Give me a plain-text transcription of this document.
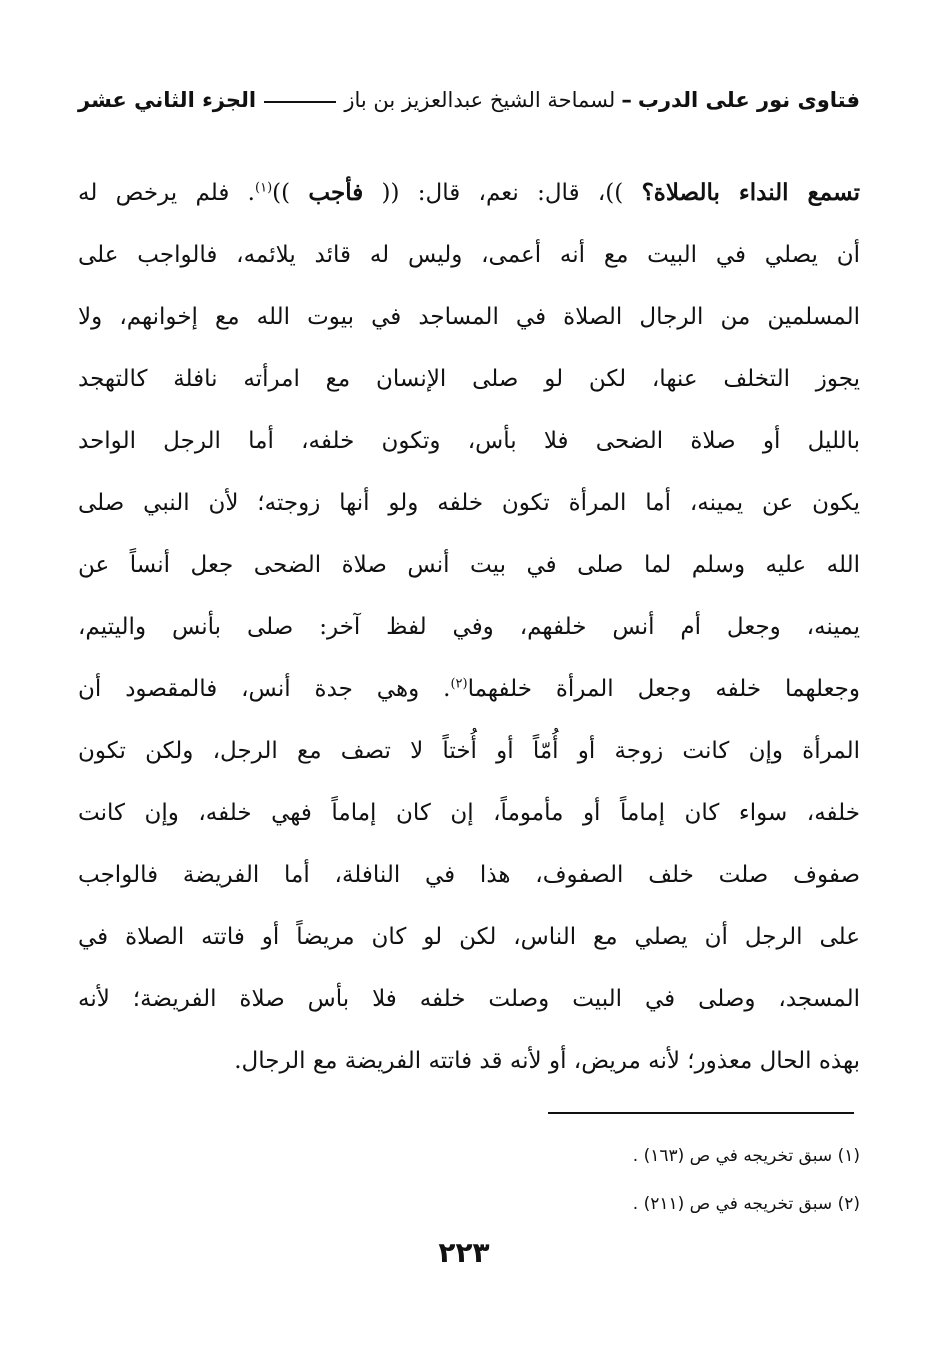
فتاوى نور على الدرب
–
لسماحة الشيخ عبدالعزيز بن باز
الجزء الثاني عشر
تسمع النداء بالصلاة؟ ))، قال: نعم، قال: (( فأجب ))$^{(١)}$. فلم يرخص له
أن يصلي في البيت مع أنه أعمى، وليس له قائد يلائمه، فالواجب على
المسلمين من الرجال الصلاة في المساجد في بيوت الله مع إخوانهم، ولا
يجوز التخلف عنها، لكن لو صلى الإنسان مع امرأته نافلة كالتهجد
بالليل أو صلاة الضحى فلا بأس، وتكون خلفه، أما الرجل الواحد
يكون عن يمينه، أما المرأة تكون خلفه ولو أنها زوجته؛ لأن النبي صلى
الله عليه وسلم لما صلى في بيت أنس صلاة الضحى جعل أنساً عن
يمينه، وجعل أم أنس خلفهم، وفي لفظ آخر: صلى بأنس واليتيم،
وجعلهما خلفه وجعل المرأة خلفهما$^{(٢)}$. وهي جدة أنس، فالمقصود أن
المرأة وإن كانت زوجة أو أُمّاً أو أُختاً لا تصف مع الرجل، ولكن تكون
خلفه، سواء كان إماماً أو مأموماً، إن كان إماماً فهي خلفه، وإن كانت
صفوف صلت خلف الصفوف، هذا في النافلة، أما الفريضة فالواجب
على الرجل أن يصلي مع الناس، لكن لو كان مريضاً أو فاتته الصلاة في
المسجد، وصلى في البيت وصلت خلفه فلا بأس صلاة الفريضة؛ لأنه
بهذه الحال معذور؛ لأنه مريض، أو لأنه قد فاتته الفريضة مع الرجال.
(١) سبق تخريجه في ص (١٦٣) .
(٢) سبق تخريجه في ص (٢١١) .
٢٢٣
